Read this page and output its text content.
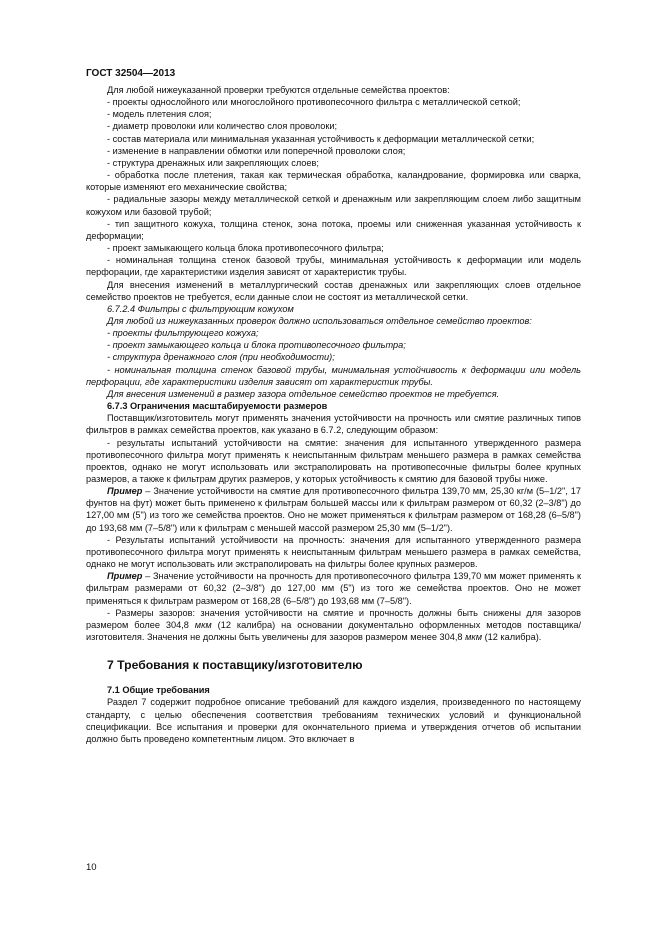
ГОСТ 32504—2013

Для любой нижеуказанной проверки требуются отдельные семейства проектов:

- проекты однослойного или многослойного противопесочного фильтра с металлической сеткой;

- модель плетения слоя;

- диаметр проволоки или количество слоя проволоки;

- состав материала или минимальная указанная устойчивость к деформации металлической сетки;

- изменение в направлении обмотки или поперечной проволоки слоя;

- структура дренажных или закрепляющих слоев;

- обработка после плетения, такая как термическая обработка, каландрование, формировка или сварка, которые изменяют его механические свойства;

- радиальные зазоры между металлической сеткой и дренажным или закрепляющим слоем либо защитным кожухом или базовой трубой;

- тип защитного кожуха, толщина стенок, зона потока, проемы или сниженная указанная устойчивость к деформации;

- проект замыкающего кольца блока противопесочного фильтра;

- номинальная толщина стенок базовой трубы, минимальная устойчивость к деформации или модель перфорации, где характеристики изделия зависят от характеристик трубы.

Для внесения изменений в металлургический состав дренажных или закрепляющих слоев отдельное семейство проектов не требуется, если данные слои не состоят из металлической сетки.

6.7.2.4 Фильтры с фильтрующим кожухом

Для любой из нижеуказанных проверок должно использоваться отдельное семейство проектов:

- проекты фильтрующего кожуха;

- проект замыкающего кольца и блока противопесочного фильтра;

- структура дренажного слоя (при необходимости);

- номинальная толщина стенок базовой трубы, минимальная устойчивость к деформации или модель перфорации, где характеристики изделия зависят от характеристик трубы.

Для внесения изменений в размер зазора отдельное семейство проектов не требуется.

6.7.3 Ограничения масштабируемости размеров

Поставщик/изготовитель могут применять значения устойчивости на прочность или смятие различных типов фильтров в рамках семейства проектов, как указано в 6.7.2, следующим образом:

- результаты испытаний устойчивости на смятие: значения для испытанного утвержденного размера противопесочного фильтра могут применять к неиспытанным фильтрам меньшего размера в рамках семейства проектов, однако не могут использовать или экстраполировать на противопесочные фильтры более крупных размеров, а также к фильтрам других размеров, у которых устойчивость к смятию для базовой трубы ниже.

Пример – Значение устойчивости на смятие для противопесочного фильтра 139,70 мм, 25,30 кг/м (5–1/2", 17 фунтов на фут) может быть применено к фильтрам большей массы или к фильтрам размером от 60,32 (2–3/8") до 127,00 мм (5") из того же семейства проектов. Оно не может применяться к фильтрам размером от 168,28 (6–5/8") до 193,68 мм (7–5/8") или к фильтрам с меньшей массой размером 25,30 мм (5–1/2").

- Результаты испытаний устойчивости на прочность: значения для испытанного утвержденного размера противопесочного фильтра могут применять к неиспытанным фильтрам меньшего размера в рамках семейства, однако не могут использовать или экстраполировать на фильтры более крупных размеров.

Пример – Значение устойчивости на прочность для противопесочного фильтра 139,70 мм может применять к фильтрам размерами от 60,32 (2–3/8") до 127,00 мм (5") из того же семейства проектов. Оно не может применяться к фильтрам размером от 168,28 (6–5/8") до 193,68 мм (7–5/8").

- Размеры зазоров: значения устойчивости на смятие и прочность должны быть снижены для зазоров размером более 304,8 мкм (12 калибра) на основании документально оформленных методов поставщика/изготовителя. Значения не должны быть увеличены для зазоров размером менее 304,8 мкм (12 калибра).

7 Требования к поставщику/изготовителю

7.1 Общие требования

Раздел 7 содержит подробное описание требований для каждого изделия, произведенного по настоящему стандарту, с целью обеспечения соответствия требованиям технических условий и функциональной спецификации. Все испытания и проверки для окончательного приема и утверждения отчетов об испытании должно быть проведено компетентным лицом. Это включает в

10
